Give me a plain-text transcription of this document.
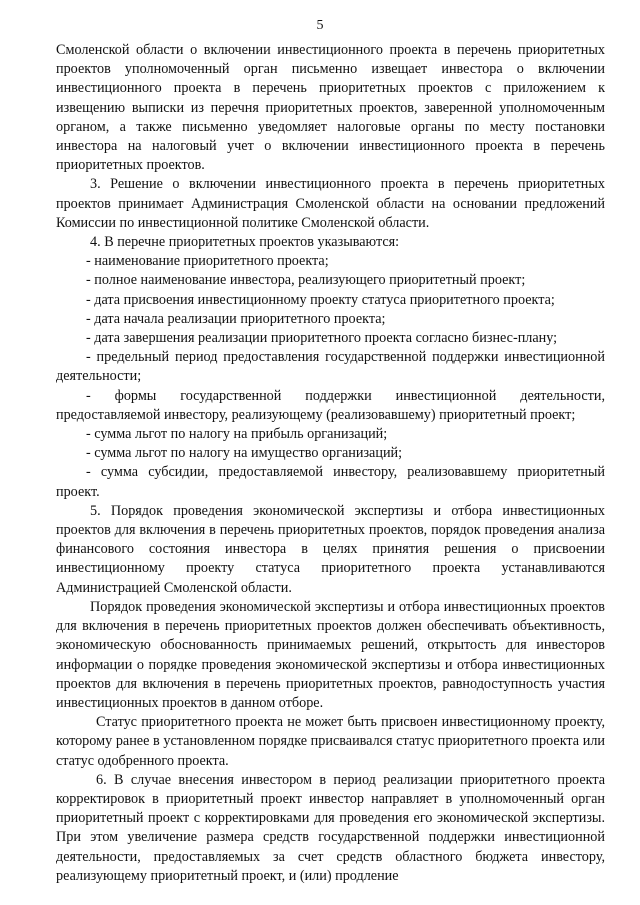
5

Смоленской области о включении инвестиционного проекта в перечень приоритетных проектов уполномоченный орган письменно извещает инвестора о включении инвестиционного проекта в перечень приоритетных проектов с приложением к извещению выписки из перечня приоритетных проектов, заверенной уполномоченным органом, а также письменно уведомляет налоговые органы по месту постановки инвестора на налоговый учет о включении инвестиционного проекта в перечень приоритетных проектов.

3. Решение о включении инвестиционного проекта в перечень приоритетных проектов принимает Администрация Смоленской области на основании предложений Комиссии по инвестиционной политике Смоленской области.

4. В перечне приоритетных проектов указываются:

- наименование приоритетного проекта;

- полное наименование инвестора, реализующего приоритетный проект;

- дата присвоения инвестиционному проекту статуса приоритетного проекта;

- дата начала реализации приоритетного проекта;

- дата завершения реализации приоритетного проекта согласно бизнес-плану;

- предельный период предоставления государственной поддержки инвестиционной деятельности;

- формы государственной поддержки инвестиционной деятельности, предоставляемой инвестору, реализующему (реализовавшему) приоритетный проект;

- сумма льгот по налогу на прибыль организаций;

- сумма льгот по налогу на имущество организаций;

- сумма субсидии, предоставляемой инвестору, реализовавшему приоритетный проект.

5. Порядок проведения экономической экспертизы и отбора инвестиционных проектов для включения в перечень приоритетных проектов, порядок проведения анализа финансового состояния инвестора в целях принятия решения о присвоении инвестиционному проекту статуса приоритетного проекта устанавливаются Администрацией Смоленской области.

Порядок проведения экономической экспертизы и отбора инвестиционных проектов для включения в перечень приоритетных проектов должен обеспечивать объективность, экономическую обоснованность принимаемых решений, открытость для инвесторов информации о порядке проведения экономической экспертизы и отбора инвестиционных проектов для включения в перечень приоритетных проектов, равнодоступность участия инвестиционных проектов в данном отборе.

Статус приоритетного проекта не может быть присвоен инвестиционному проекту, которому ранее в установленном порядке присваивался статус приоритетного проекта или статус одобренного проекта.

6. В случае внесения инвестором в период реализации приоритетного проекта корректировок в приоритетный проект инвестор направляет в уполномоченный орган приоритетный проект с корректировками для проведения его экономической экспертизы. При этом увеличение размера средств государственной поддержки инвестиционной деятельности, предоставляемых за счет средств областного бюджета инвестору, реализующему приоритетный проект, и (или) продление
